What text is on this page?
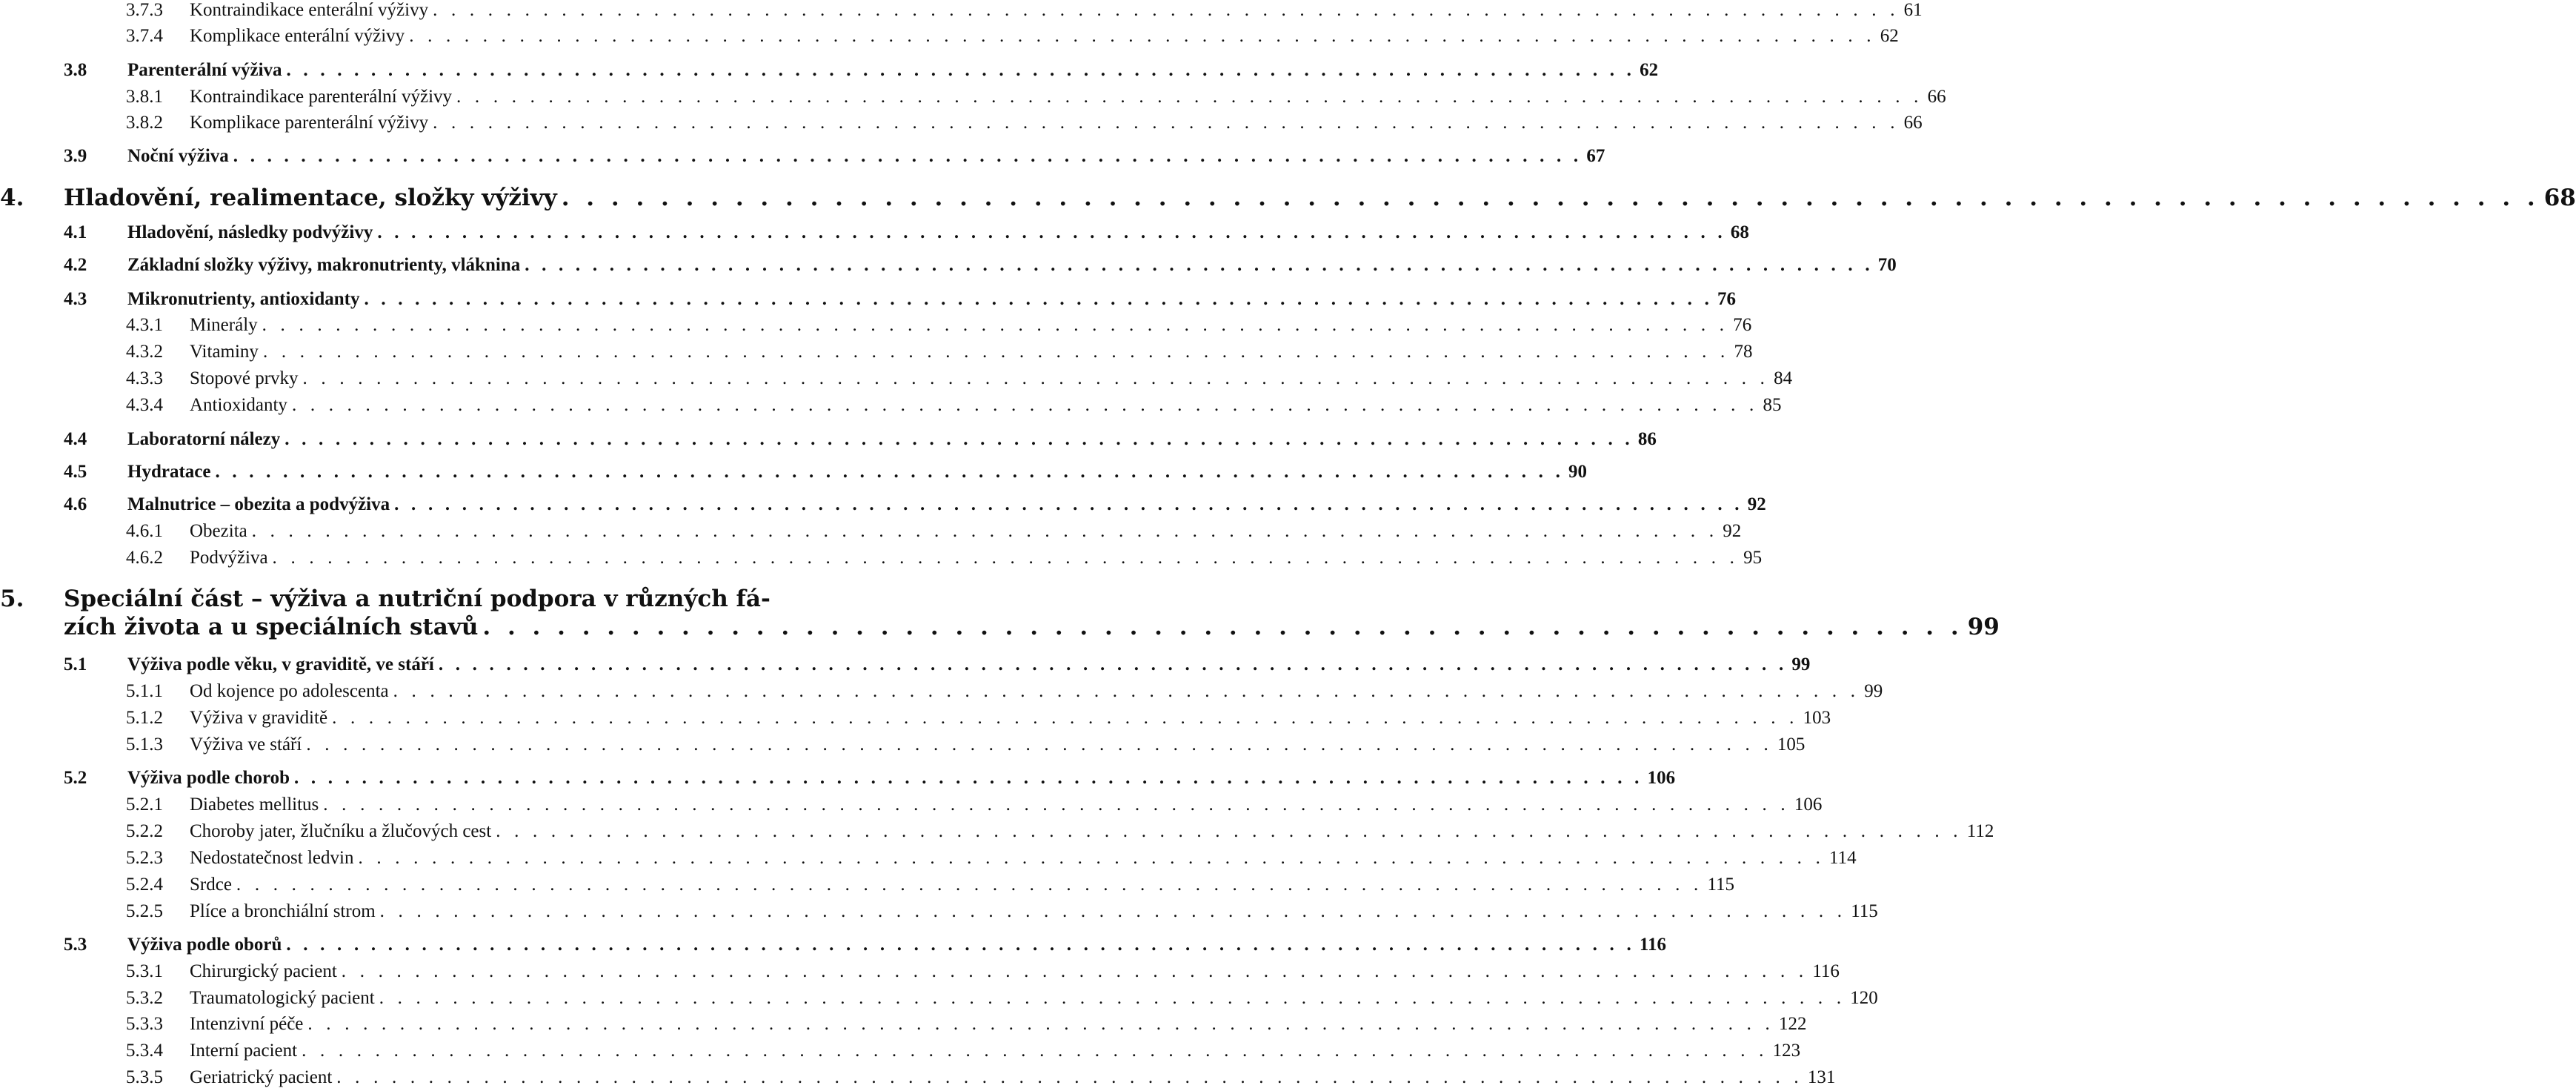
3.7.3	Kontraindikace enterální výživy . . . . . . . . . . . . . . . . . . . . . . . . . . . . . . . . . . . . . . . . . . . . . . . . . . . . . . . . . . . . . . . . . . . . . . . . . . . . . . . . 61
3.7.4	Komplikace enterální výživy . . . . . . . . . . . . . . . . . . . . . . . . . . . . . . . . . . . . . . . . . . . . . . . . . . . . . . . . . . . . . . . . . . . . . . . . . . . . . . . . 62
3.8	Parenterální výživa . . . . . . . . . . . . . . . . . . . . . . . . . . . . . . . . . . . . . . . . . . . . . . . . . . . . . . . . . . . . . . . . . . . . . . . . . . . . . . . . 62
3.8.1	Kontraindikace parenterální výživy . . . . . . . . . . . . . . . . . . . . . . . . . . . . . . . . . . . . . . . . . . . . . . . . . . . . . . . . . . . . . . . . . . . . . . . . . . . . . . . . 66
3.8.2	Komplikace parenterální výživy . . . . . . . . . . . . . . . . . . . . . . . . . . . . . . . . . . . . . . . . . . . . . . . . . . . . . . . . . . . . . . . . . . . . . . . . . . . . . . . . 66
3.9	Noční výživa . . . . . . . . . . . . . . . . . . . . . . . . . . . . . . . . . . . . . . . . . . . . . . . . . . . . . . . . . . . . . . . . . . . . . . . . . . . . . . . . 67
4.	Hladovění, realimentace, složky výživy . . . . . . . . . . . . . . . . . . . . . . . . . . . . . . . . . . . . . . . . . . . . . . . . . . . . . . . . . . . . . . . . . . . . . . . . . . . . . . . . 68
4.1	Hladovění, následky podvýživy . . . . . . . . . . . . . . . . . . . . . . . . . . . . . . . . . . . . . . . . . . . . . . . . . . . . . . . . . . . . . . . . . . . . . . . . . . . . . . . . 68
4.2	Základní složky výživy, makronutrienty, vláknina . . . . . . . . . . . . . . . . . . . . . . . . . . . . . . . . . . . . . . . . . . . . . . . . . . . . . . . . . . . . . . . . . . . . . . . . . . . . . . . . 70
4.3	Mikronutrienty, antioxidanty . . . . . . . . . . . . . . . . . . . . . . . . . . . . . . . . . . . . . . . . . . . . . . . . . . . . . . . . . . . . . . . . . . . . . . . . . . . . . . . . 76
4.3.1	Minerály . . . . . . . . . . . . . . . . . . . . . . . . . . . . . . . . . . . . . . . . . . . . . . . . . . . . . . . . . . . . . . . . . . . . . . . . . . . . . . . . 76
4.3.2	Vitaminy . . . . . . . . . . . . . . . . . . . . . . . . . . . . . . . . . . . . . . . . . . . . . . . . . . . . . . . . . . . . . . . . . . . . . . . . . . . . . . . . 78
4.3.3	Stopové prvky . . . . . . . . . . . . . . . . . . . . . . . . . . . . . . . . . . . . . . . . . . . . . . . . . . . . . . . . . . . . . . . . . . . . . . . . . . . . . . . . 84
4.3.4	Antioxidanty . . . . . . . . . . . . . . . . . . . . . . . . . . . . . . . . . . . . . . . . . . . . . . . . . . . . . . . . . . . . . . . . . . . . . . . . . . . . . . . . 85
4.4	Laboratorní nálezy . . . . . . . . . . . . . . . . . . . . . . . . . . . . . . . . . . . . . . . . . . . . . . . . . . . . . . . . . . . . . . . . . . . . . . . . . . . . . . . . 86
4.5	Hydratace . . . . . . . . . . . . . . . . . . . . . . . . . . . . . . . . . . . . . . . . . . . . . . . . . . . . . . . . . . . . . . . . . . . . . . . . . . . . . . . . 90
4.6	Malnutrice – obezita a podvýživa . . . . . . . . . . . . . . . . . . . . . . . . . . . . . . . . . . . . . . . . . . . . . . . . . . . . . . . . . . . . . . . . . . . . . . . . . . . . . . . . 92
4.6.1	Obezita . . . . . . . . . . . . . . . . . . . . . . . . . . . . . . . . . . . . . . . . . . . . . . . . . . . . . . . . . . . . . . . . . . . . . . . . . . . . . . . . 92
4.6.2	Podvýživa . . . . . . . . . . . . . . . . . . . . . . . . . . . . . . . . . . . . . . . . . . . . . . . . . . . . . . . . . . . . . . . . . . . . . . . . . . . . . . . . 95
5. Speciální část – výživa a nutriční podpora v různých fá-
zích života a u speciálních stavů . . . . . . . . . . . . . . . . . . . . . . . . . . . . . . . . . . . . . . . . . . . . . . . . . . . . . . . . . . . . 99
5.1	Výživa podle věku, v graviditě, ve stáří . . . . . . . . . . . . . . . . . . . . . . . . . . . . . . . . . . . . . . . . . . . . . . . . . . . . . . . . . . . . . . . . . . . . . . . . . . . . . . . . 99
5.1.1	Od kojence po adolescenta . . . . . . . . . . . . . . . . . . . . . . . . . . . . . . . . . . . . . . . . . . . . . . . . . . . . . . . . . . . . . . . . . . . . . . . . . . . . . . . . 99
5.1.2	Výživa v graviditě . . . . . . . . . . . . . . . . . . . . . . . . . . . . . . . . . . . . . . . . . . . . . . . . . . . . . . . . . . . . . . . . . . . . . . . . . . . . . . . . 103
5.1.3	Výživa ve stáří . . . . . . . . . . . . . . . . . . . . . . . . . . . . . . . . . . . . . . . . . . . . . . . . . . . . . . . . . . . . . . . . . . . . . . . . . . . . . . . . 105
5.2	Výživa podle chorob . . . . . . . . . . . . . . . . . . . . . . . . . . . . . . . . . . . . . . . . . . . . . . . . . . . . . . . . . . . . . . . . . . . . . . . . . . . . . . . . 106
5.2.1	Diabetes mellitus . . . . . . . . . . . . . . . . . . . . . . . . . . . . . . . . . . . . . . . . . . . . . . . . . . . . . . . . . . . . . . . . . . . . . . . . . . . . . . . . 106
5.2.2	Choroby jater, žlučníku a žlučových cest . . . . . . . . . . . . . . . . . . . . . . . . . . . . . . . . . . . . . . . . . . . . . . . . . . . . . . . . . . . . . . . . . . . . . . . . . . . . . . . . 112
5.2.3	Nedostatečnost ledvin . . . . . . . . . . . . . . . . . . . . . . . . . . . . . . . . . . . . . . . . . . . . . . . . . . . . . . . . . . . . . . . . . . . . . . . . . . . . . . . . 114
5.2.4	Srdce . . . . . . . . . . . . . . . . . . . . . . . . . . . . . . . . . . . . . . . . . . . . . . . . . . . . . . . . . . . . . . . . . . . . . . . . . . . . . . . . 115
5.2.5	Plíce a bronchiální strom . . . . . . . . . . . . . . . . . . . . . . . . . . . . . . . . . . . . . . . . . . . . . . . . . . . . . . . . . . . . . . . . . . . . . . . . . . . . . . . . 115
5.3	Výživa podle oborů . . . . . . . . . . . . . . . . . . . . . . . . . . . . . . . . . . . . . . . . . . . . . . . . . . . . . . . . . . . . . . . . . . . . . . . . . . . . . . . . 116
5.3.1	Chirurgický pacient . . . . . . . . . . . . . . . . . . . . . . . . . . . . . . . . . . . . . . . . . . . . . . . . . . . . . . . . . . . . . . . . . . . . . . . . . . . . . . . . 116
5.3.2	Traumatologický pacient . . . . . . . . . . . . . . . . . . . . . . . . . . . . . . . . . . . . . . . . . . . . . . . . . . . . . . . . . . . . . . . . . . . . . . . . . . . . . . . . 120
5.3.3	Intenzivní péče . . . . . . . . . . . . . . . . . . . . . . . . . . . . . . . . . . . . . . . . . . . . . . . . . . . . . . . . . . . . . . . . . . . . . . . . . . . . . . . . 122
5.3.4	Interní pacient . . . . . . . . . . . . . . . . . . . . . . . . . . . . . . . . . . . . . . . . . . . . . . . . . . . . . . . . . . . . . . . . . . . . . . . . . . . . . . . . 123
5.3.5	Geriatrický pacient . . . . . . . . . . . . . . . . . . . . . . . . . . . . . . . . . . . . . . . . . . . . . . . . . . . . . . . . . . . . . . . . . . . . . . . . . . . . . . . . 131
